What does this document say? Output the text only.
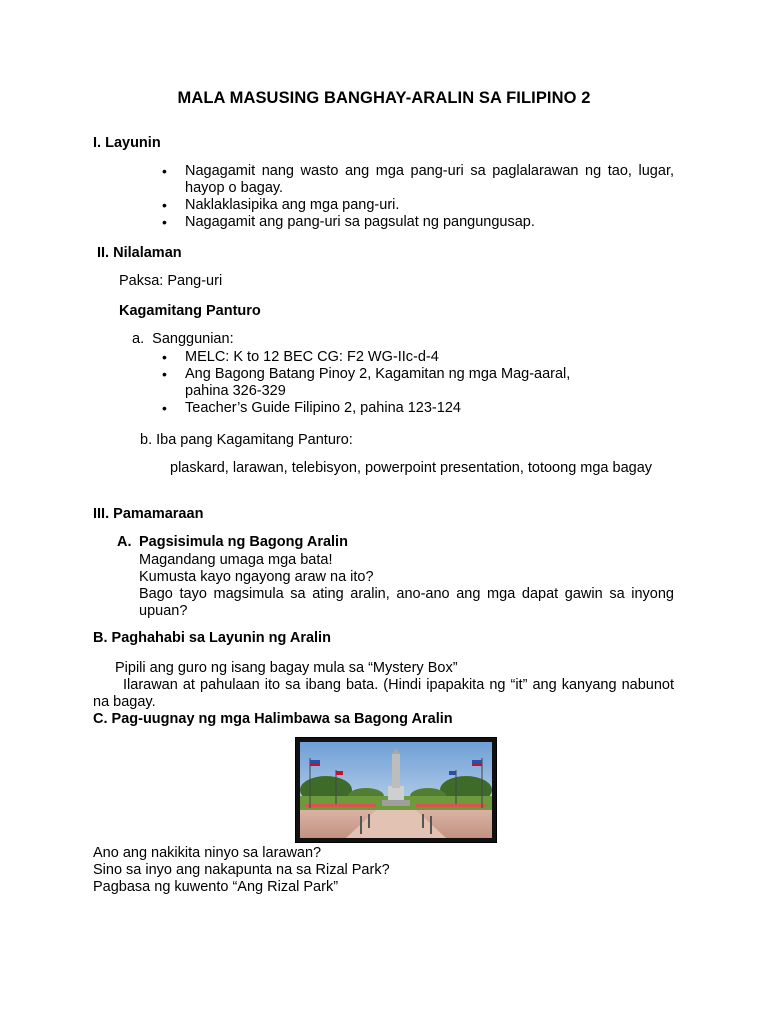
MALA MASUSING BANGHAY-ARALIN SA FILIPINO 2
I. Layunin
• Nagagamit nang wasto ang mga pang-uri sa paglalarawan ng tao, lugar, hayop o bagay.
• Naklaklasipika ang mga pang-uri.
• Nagagamit ang pang-uri sa pagsulat ng pangungusap.
II. Nilalaman
Paksa: Pang-uri
Kagamitang Panturo
a. Sanggunian:
• MELC: K to 12 BEC CG: F2 WG-IIc-d-4
• Ang Bagong Batang Pinoy 2, Kagamitan ng mga Mag-aaral,
pahina 326-329
• Teacher’s Guide Filipino 2, pahina 123-124
b. Iba pang Kagamitang Panturo:
plaskard, larawan, telebisyon, powerpoint presentation, totoong mga bagay
III. Pamamaraan
A. Pagsisimula ng Bagong Aralin
Magandang umaga mga bata!
Kumusta kayo ngayong araw na ito?
Bago tayo magsimula sa ating aralin, ano-ano ang mga dapat gawin sa inyong upuan?
B. Paghahabi sa Layunin ng Aralin
Pipili ang guro ng isang bagay mula sa “Mystery Box”
Ilarawan at pahulaan ito sa ibang bata. (Hindi ipapakita ng “it” ang kanyang nabunot na bagay.
C. Pag-uugnay ng mga Halimbawa sa Bagong Aralin
Ano ang nakikita ninyo sa larawan?
Sino sa inyo ang nakapunta na sa Rizal Park?
Pagbasa ng kuwento “Ang Rizal Park”
